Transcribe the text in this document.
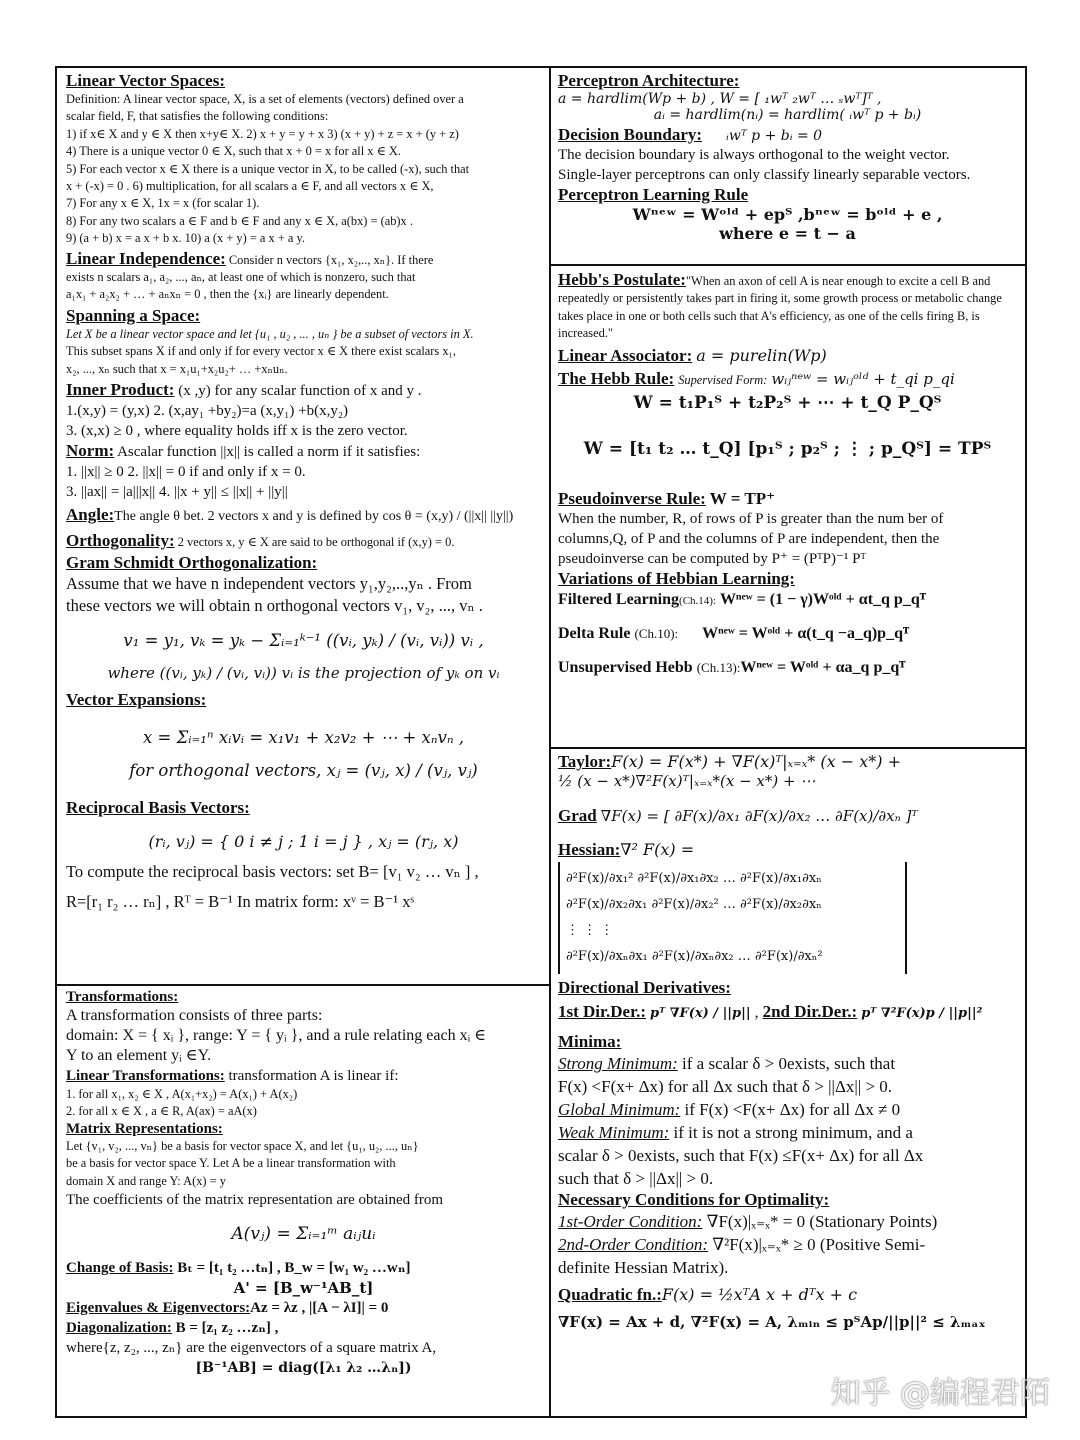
Linear Vector Spaces:

Definition: A linear vector space, X, is a set of elements (vectors) defined over a

scalar field, F, that satisfies the following conditions:

1) if x∈ X and y ∈ X then x+y∈ X. 2) x + y = y + x 3) (x + y) + z = x + (y + z)

4) There is a unique vector 0 ∈ X, such that x + 0 = x for all x ∈ X.

5) For each vector x ∈ X there is a unique vector in X, to be called (-x), such that

x + (-x) = 0 . 6) multiplication, for all scalars a ∈ F, and all vectors x ∈ X,

7) For any x ∈ X, 1x = x (for scalar 1).

8) For any two scalars a ∈ F and b ∈ F and any x ∈ X, a(bx) = (ab)x .

9) (a + b) x = a x + b x. 10) a (x + y) = a x + a y.

Linear Independence: Consider n vectors {x₁, x₂,.., xₙ}. If there

exists n scalars a₁, a₂, ..., aₙ, at least one of which is nonzero, such that

a₁x₁ + a₂x₂ + … + aₙxₙ = 0 , then the {xᵢ} are linearly dependent.

Spanning a Space:

Let X be a linear vector space and let {u₁ , u₂ , ... , uₙ } be a subset of vectors in X.

This subset spans X if and only if for every vector x ∈ X there exist scalars x₁,

x₂, ..., xₙ such that x = x₁u₁+x₂u₂+ … +xₙuₙ.

Inner Product: (x ,y) for any scalar function of x and y .

1.(x,y) = (y,x) 2. (x,ay₁ +by₂)=a (x,y₁) +b(x,y₂)

3. (x,x) ≥ 0 , where equality holds iff x is the zero vector.

Norm: Ascalar function ||x|| is called a norm if it satisfies:

1. ||x|| ≥ 0 2. ||x|| = 0 if and only if x = 0.

3. ||ax|| = |a|||x|| 4. ||x + y|| ≤ ||x|| + ||y||

Angle:The angle θ bet. 2 vectors x and y is defined by cos θ = (x,y) / (||x|| ||y||)

Orthogonality: 2 vectors x, y ∈ X are said to be orthogonal if (x,y) = 0.

Gram Schmidt Orthogonalization:

Assume that we have n independent vectors y₁,y₂,..,yₙ . From

these vectors we will obtain n orthogonal vectors v₁, v₂, ..., vₙ .

v₁ = y₁, vₖ = yₖ − Σᵢ₌₁ᵏ⁻¹ ((vᵢ, yₖ) / (vᵢ, vᵢ)) vᵢ ,
where ((vᵢ, yₖ) / (vᵢ, vᵢ)) vᵢ is the projection of yₖ on vᵢ
Vector Expansions:
x = Σᵢ₌₁ⁿ xᵢvᵢ = x₁v₁ + x₂v₂ + ⋯ + xₙvₙ ,
for orthogonal vectors, xⱼ = (vⱼ, x) / (vⱼ, vⱼ)
Reciprocal Basis Vectors:
(rᵢ, vⱼ) = { 0 i ≠ j ; 1 i = j } , xⱼ = (rⱼ, x)

To compute the reciprocal basis vectors: set B= [v₁ v₂ … vₙ ] ,

R=[r₁ r₂ … rₙ] , Rᵀ = B⁻¹ In matrix form: xᵛ = B⁻¹ xˢ

Transformations:

A transformation consists of three parts:

domain: X = { xᵢ }, range: Y = { yᵢ }, and a rule relating each xᵢ ∈

Y to an element yᵢ ∈Y.

Linear Transformations: transformation A is linear if:

1. for all x₁, x₂ ∈ X , A(x₁+x₂) = A(x₁) + A(x₂)

2. for all x ∈ X , a ∈ R, A(ax) = aA(x)

Matrix Representations:

Let {v₁, v₂, ..., vₙ} be a basis for vector space X, and let {u₁, u₂, ..., uₙ}

be a basis for vector space Y. Let A be a linear transformation with

domain X and range Y: A(x) = y

The coefficients of the matrix representation are obtained from

A(vⱼ) = Σᵢ₌₁ᵐ aᵢⱼuᵢ

Change of Basis: Bₜ = [t₁ t₂ …tₙ] , B_w = [w₁ w₂ …wₙ]

A' = [B_w⁻¹AB_t]

Eigenvalues & Eigenvectors:Az = λz , |[A − λI]| = 0

Diagonalization: B = [z₁ z₂ …zₙ] ,

where{z, z₂, ..., zₙ} are the eigenvectors of a square matrix A,

[B⁻¹AB] = diag([λ₁ λ₂ …λₙ])

Perceptron Architecture:
a = hardlim(Wp + b) , W = [ ₁wᵀ ₂wᵀ … ₛwᵀ]ᵀ ,
aᵢ = hardlim(nᵢ) = hardlim( ᵢwᵀ p + bᵢ)

Decision Boundary: ᵢwᵀ p + bᵢ = 0

The decision boundary is always orthogonal to the weight vector.

Single-layer perceptrons can only classify linearly separable vectors.

Perceptron Learning Rule
Wⁿᵉʷ = Wᵒˡᵈ + epᵀ ,bⁿᵉʷ = bᵒˡᵈ + e ,
where e = t − a

Hebb's Postulate:"When an axon of cell A is near enough to excite a cell B and repeatedly or persistently takes part in firing it, some growth process or metabolic change takes place in one or both cells such that A's efficiency, as one of the cells firing B, is increased."

Linear Associator: a = purelin(Wp)

The Hebb Rule: Supervised Form: wᵢⱼⁿᵉʷ = wᵢⱼᵒˡᵈ + t_qi p_qi

W = t₁P₁ᵀ + t₂P₂ᵀ + ⋯ + t_Q P_Qᵀ
W = [t₁ t₂ … t_Q] [p₁ᵀ ; p₂ᵀ ; ⋮ ; p_Qᵀ] = TPᵀ

Pseudoinverse Rule: W = TP⁺

When the number, R, of rows of P is greater than the num ber of

columns,Q, of P and the columns of P are independent, then the

pseudoinverse can be computed by P⁺ = (PᵀP)⁻¹ Pᵀ

Variations of Hebbian Learning:

Filtered Learning(Ch.14): Wⁿᵉʷ = (1 − γ)Wᵒˡᵈ + αt_q p_qᵀ

Delta Rule (Ch.10): Wⁿᵉʷ = Wᵒˡᵈ + α(t_q −a_q)p_qᵀ

Unsupervised Hebb (Ch.13):Wⁿᵉʷ = Wᵒˡᵈ + αa_q p_qᵀ

Taylor:F(x) = F(x*) + ∇F(x)ᵀ|ₓ₌ₓ* (x − x*) +

½ (x − x*)∇²F(x)ᵀ|ₓ₌ₓ*(x − x*) + ⋯

Grad ∇F(x) = [ ∂F(x)/∂x₁ ∂F(x)/∂x₂ … ∂F(x)/∂xₙ ]ᵀ

Hessian:∇² F(x) =

∂²F(x)/∂x₁² ∂²F(x)/∂x₁∂x₂ … ∂²F(x)/∂x₁∂xₙ

∂²F(x)/∂x₂∂x₁ ∂²F(x)/∂x₂² … ∂²F(x)/∂x₂∂xₙ

⋮ ⋮ ⋮

∂²F(x)/∂xₙ∂x₁ ∂²F(x)/∂xₙ∂x₂ … ∂²F(x)/∂xₙ²

Directional Derivatives:

1st Dir.Der.: pᵀ ∇F(x) / ||p|| , 2nd Dir.Der.: pᵀ ∇²F(x)p / ||p||²

Minima:

Strong Minimum: if a scalar δ > 0exists, such that

F(x) <F(x+ Δx) for all Δx such that δ > ||Δx|| > 0.

Global Minimum: if F(x) <F(x+ Δx) for all Δx ≠ 0

Weak Minimum: if it is not a strong minimum, and a

scalar δ > 0exists, such that F(x) ≤F(x+ Δx) for all Δx

such that δ > ||Δx|| > 0.

Necessary Conditions for Optimality:

1st-Order Condition: ∇F(x)|ₓ₌ₓ* = 0 (Stationary Points)

2nd-Order Condition: ∇²F(x)|ₓ₌ₓ* ≥ 0 (Positive Semi-

definite Hessian Matrix).

Quadratic fn.:F(x) = ½xᵀA x + dᵀx + c

∇F(x) = Ax + d, ∇²F(x) = A, λₘᵢₙ ≤ pᵀAp/||p||² ≤ λₘₐₓ

知乎 @编程君陌
